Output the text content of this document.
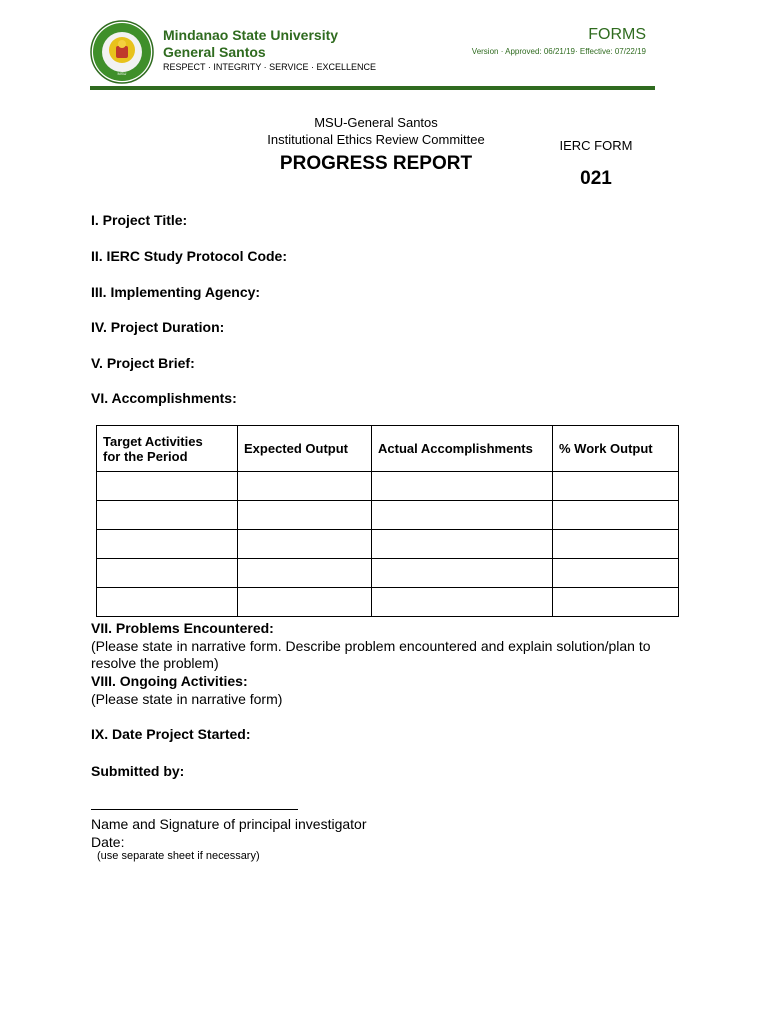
MSU
Mindanao State University
General Santos
RESPECT · INTEGRITY · SERVICE · EXCELLENCE
FORMS
Version · Approved: 06/21/19· Effective: 07/22/19
MSU-General Santos
Institutional Ethics Review Committee
PROGRESS REPORT
IERC FORM
021
I. Project Title:
II. IERC Study Protocol Code:
III. Implementing Agency:
IV. Project Duration:
V. Project Brief:
VI. Accomplishments:
Target Activities
for the Period	Expected Output	Actual Accomplishments	% Work Output

VII. Problems Encountered:
(Please state in narrative form. Describe problem encountered and explain solution/plan to resolve the problem)
VIII. Ongoing Activities:
(Please state in narrative form)
IX. Date Project Started:
Submitted by:
Name and Signature of principal investigator
Date:
(use separate sheet if necessary)
